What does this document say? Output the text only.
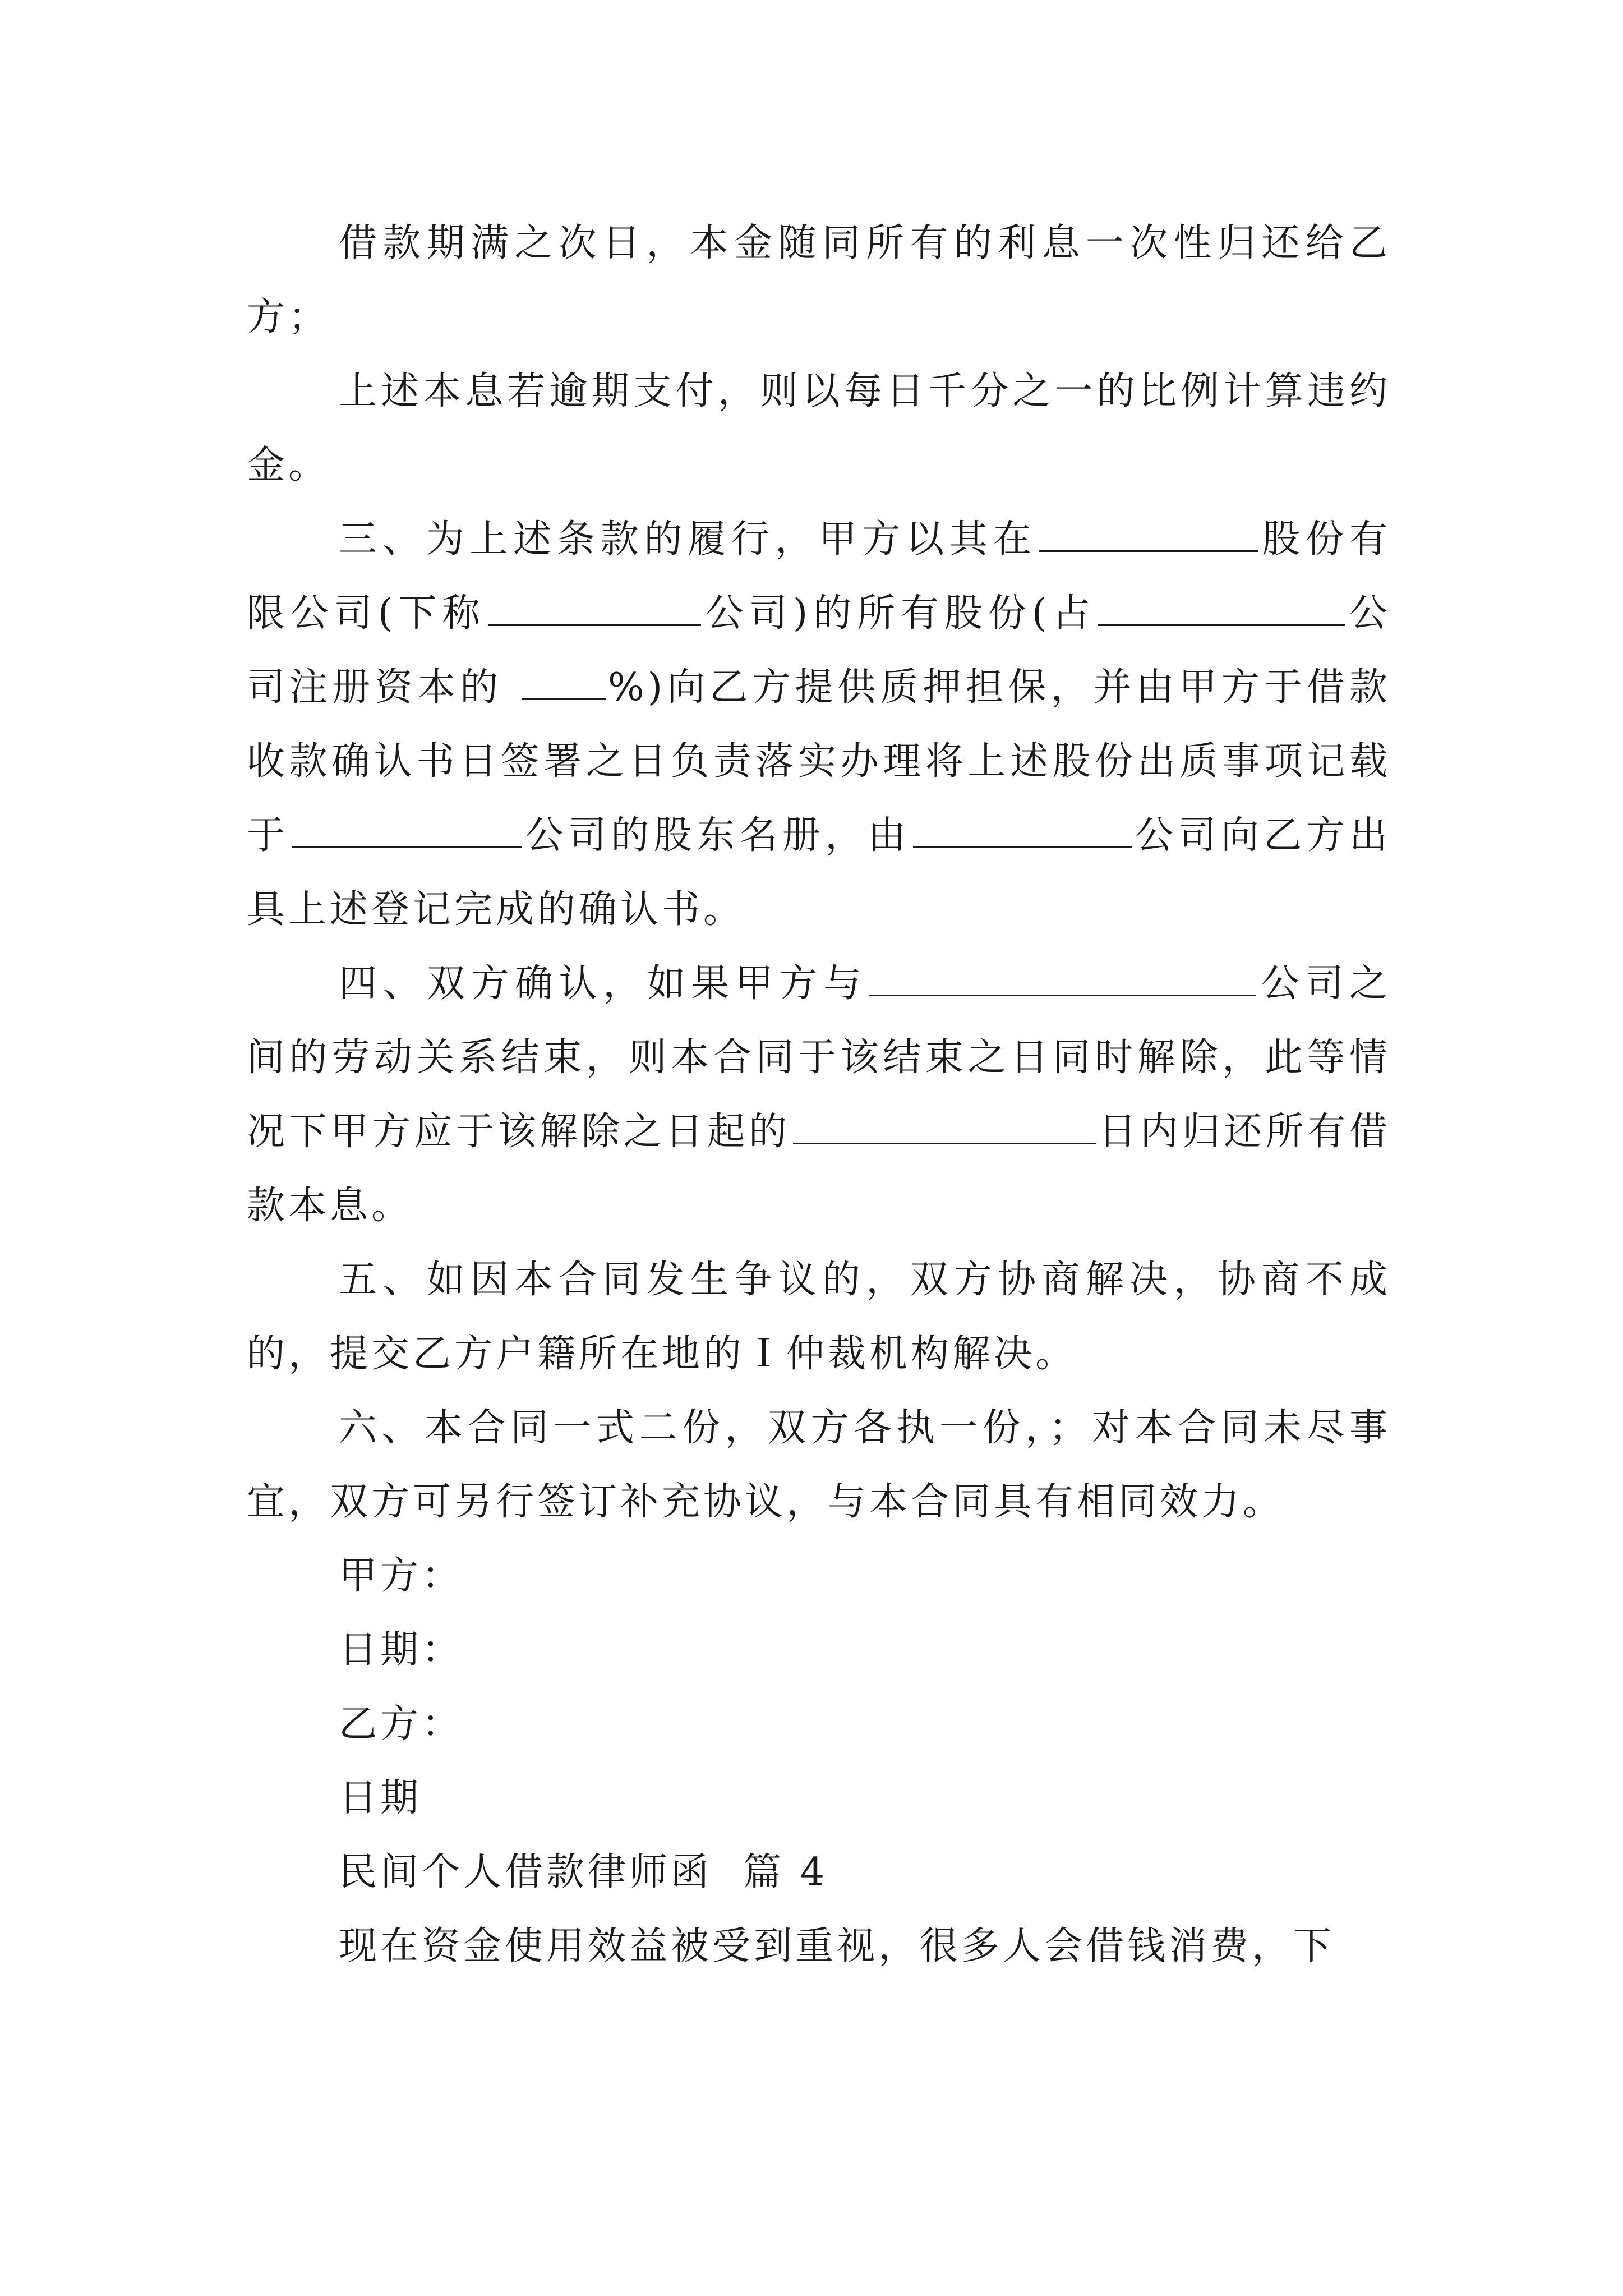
借款期满之次日，本金随同所有的利息一次性归还给乙方；

上述本息若逾期支付，则以每日千分之一的比例计算违约金。

三、为上述条款的履行，甲方以其在	股份有限公司(下称	公司)的所有股份(占	公司注册资本的 %)向乙方提供质押担保，并由甲方于借款收款确认书日签署之日负责落实办理将上述股份出质事项记载于	公司的股东名册，由	公司向乙方出具上述登记完成的确认书。

四、双方确认，如果甲方与	公司之间的劳动关系结束，则本合同于该结束之日同时解除，此等情况下甲方应于该解除之日起的	日内归还所有借款本息。

五、如因本合同发生争议的，双方协商解决，协商不成的，提交乙方户籍所在地的Ｉ仲裁机构解决。

六、本合同一式二份，双方各执一份，；对本合同未尽事宜，双方可另行签订补充协议，与本合同具有相同效力。

甲方：

日期：

乙方：

日期

民间个人借款律师函  篇 4

现在资金使用效益被受到重视，很多人会借钱消费，下
